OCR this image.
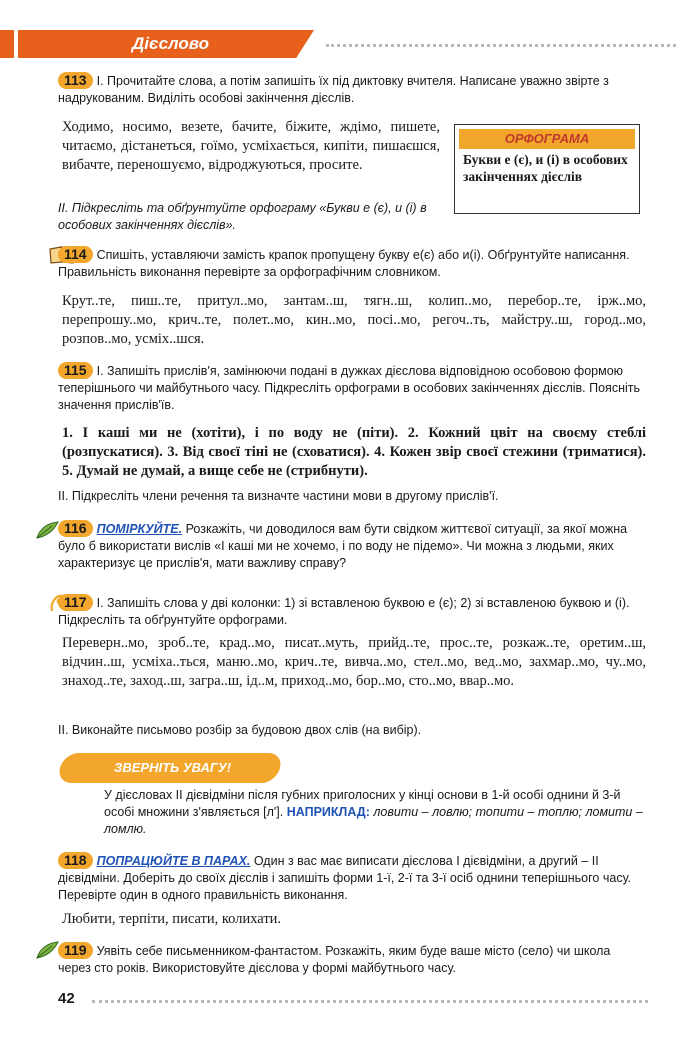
Дієслово
113 І. Прочитайте слова, а потім запишіть їх під диктовку вчителя. Написане уважно звірте з надрукованим. Виділіть особові закінчення дієслів.
Ходимо, носимо, везете, бачите, біжите, ждімо, пишете, читаємо, дістанеться, гоїмо, усміхається, кипіти, пишаєшся, вибачте, переношуємо, відроджуються, просите.
ІІ. Підкресліть та обґрунтуйте орфограму «Букви е (є), и (і) в особових закінченнях дієслів».
ОРФОГРАМА
Букви е (є), и (і) в особових закінченнях дієслів
114 Спишіть, уставляючи замість крапок пропущену букву е(є) або и(і). Обґрунтуйте написання. Правильність виконання перевірте за орфографічним словником.
Крут..те, пиш..те, притул..мо, зантам..ш, тягн..ш, колип..мо, перебор..те, ірж..мо, перепрошу..мо, крич..те, полет..мо, кин..мо, посі..мо, регоч..ть, майстру..ш, город..мо, розпов..мо, усміх..шся.
115 І. Запишіть прислів'я, замінюючи подані в дужках дієслова відповідною особовою формою теперішнього чи майбутнього часу. Підкресліть орфограми в особових закінченнях дієслів. Поясніть значення прислів'їв.
1. І каші ми не (хотіти), і по воду не (піти). 2. Кожний цвіт на своєму стеблі (розпускатися). 3. Від своєї тіні не (сховатися). 4. Кожен звір своєї стежини (триматися). 5. Думай не думай, а вище себе не (стрибнути).
ІІ. Підкресліть члени речення та визначте частини мови в другому прислів'ї.
116 ПОМІРКУЙТЕ. Розкажіть, чи доводилося вам бути свідком життєвої ситуації, за якої можна було б використати вислів «І каші ми не хочемо, і по воду не підемо». Чи можна з людьми, яких характеризує це прислів'я, мати важливу справу?
117 І. Запишіть слова у дві колонки: 1) зі вставленою буквою е (є); 2) зі вставленою буквою и (і). Підкресліть та обґрунтуйте орфограми.
Переверн..мо, зроб..те, крад..мо, писат..муть, прийд..те, прос..те, розкаж..те, оретим..ш, відчин..ш, усміха..ться, маню..мо, крич..те, вивча..мо, стел..мо, вед..мо, захмар..мо, чу..мо, знаход..те, заход..ш, загра..ш, ід..м, приход..мо, бор..мо, сто..мо, ввар..мо.
ІІ. Виконайте письмово розбір за будовою двох слів (на вибір).
ЗВЕРНІТЬ УВАГУ!
У дієсловах ІІ дієвідміни після губних приголосних у кінці основи в 1-й особі однини й 3-й особі множини з'являється [л']. НАПРИКЛАД: ловити – ловлю; топити – топлю; ломити – ломлю.
118 ПОПРАЦЮЙТЕ В ПАРАХ. Один з вас має виписати дієслова І дієвідміни, а другий – ІІ дієвідміни. Доберіть до своїх дієслів і запишіть форми 1-ї, 2-ї та 3-ї осіб однини теперішнього часу. Перевірте один в одного правильність виконання.
Любити, терпіти, писати, колихати.
119 Уявіть себе письменником-фантастом. Розкажіть, яким буде ваше місто (село) чи школа через сто років. Використовуйте дієслова у формі майбутнього часу.
42
